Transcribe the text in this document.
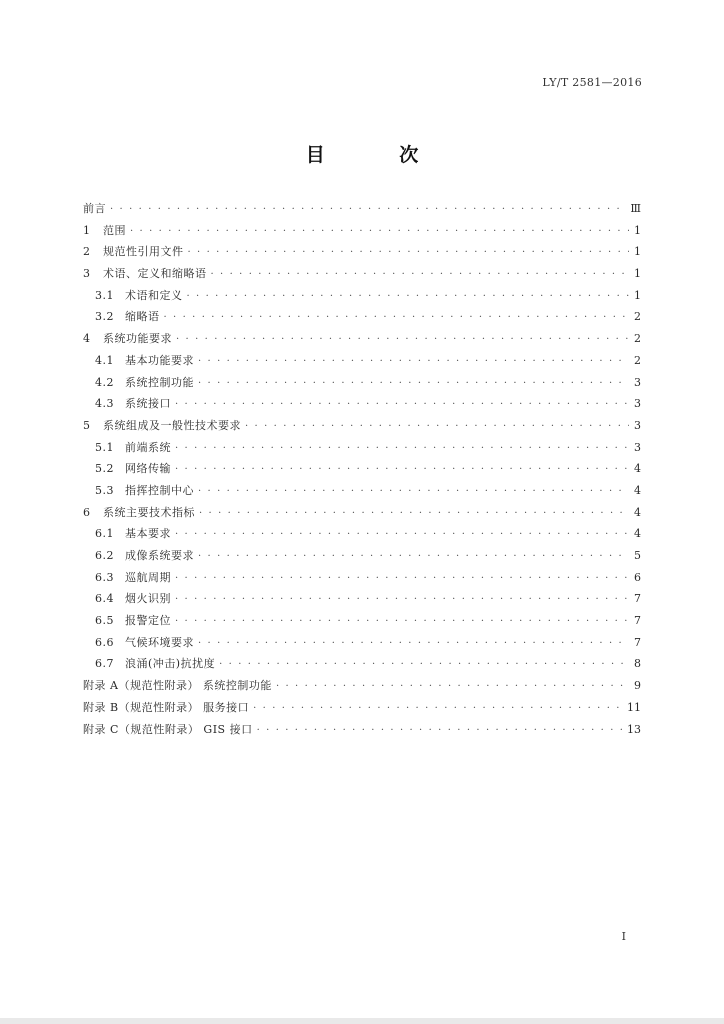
LY/T 2581—2016
目 次
前言 · · ·	Ⅲ
1 范围 · · ·	1
2 规范性引用文件 · · ·	1
3 术语、定义和缩略语 · · ·	1
3.1 术语和定义 · · ·	1
3.2 缩略语 · · ·	2
4 系统功能要求 · · ·	2
4.1 基本功能要求 · · ·	2
4.2 系统控制功能 · · ·	3
4.3 系统接口 · · ·	3
5 系统组成及一般性技术要求 · · ·	3
5.1 前端系统 · · ·	3
5.2 网络传输 · · ·	4
5.3 指挥控制中心 · · ·	4
6 系统主要技术指标 · · ·	4
6.1 基本要求 · · ·	4
6.2 成像系统要求 · · ·	5
6.3 巡航周期 · · ·	6
6.4 烟火识别 · · ·	7
6.5 报警定位 · · ·	7
6.6 气候环境要求 · · ·	7
6.7 浪涌(冲击)抗扰度 · · ·	8
附录 A（规范性附录） 系统控制功能 · · ·	9
附录 B（规范性附录） 服务接口 · · ·	11
附录 C（规范性附录） GIS 接口 · · ·	13
I
